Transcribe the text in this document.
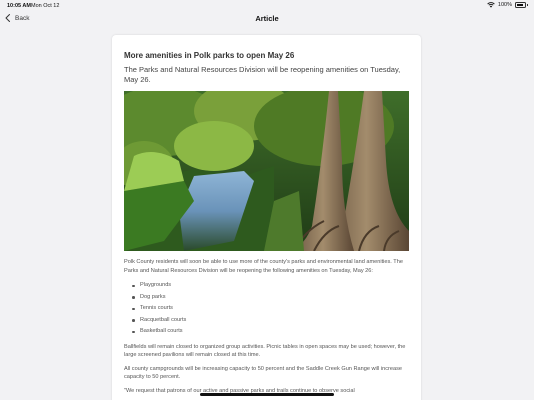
10:05 AM Mon Oct 12	100%
Back	Article
More amenities in Polk parks to open May 26
The Parks and Natural Resources Division will be reopening amenities on Tuesday, May 26.

Polk County residents will soon be able to use more of the county's parks and environmental land amenities. The Parks and Natural Resources Division will be reopening the following amenities on Tuesday, May 26:

Playgrounds
Dog parks
Tennis courts
Racquetball courts
Basketball courts

Ballfields will remain closed to organized group activities. Picnic tables in open spaces may be used; however, the large screened pavilions will remain closed at this time.

All county campgrounds will be increasing capacity to 50 percent and the Saddle Creek Gun Range will increase capacity to 50 percent.

"We request that patrons of our active and passive parks and trails continue to observe social
